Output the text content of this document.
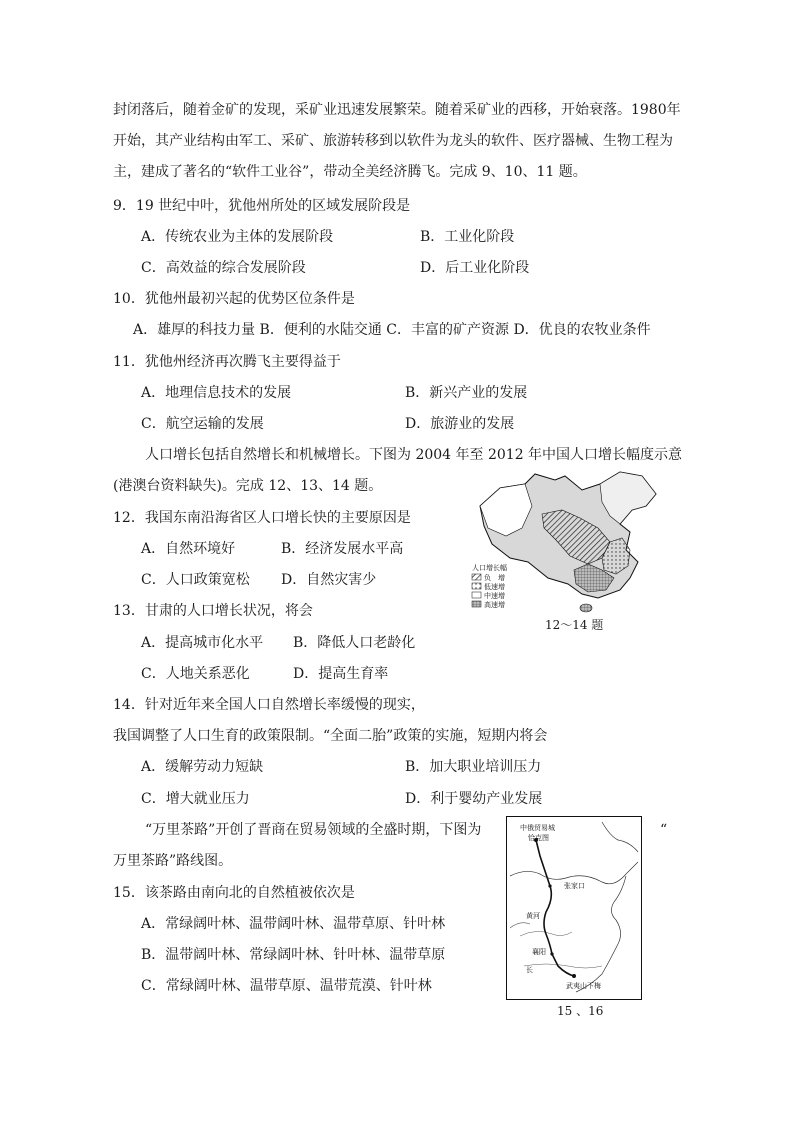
封闭落后，随着金矿的发现，采矿业迅速发展繁荣。随着采矿业的西移，开始衰落。1980年
开始，其产业结构由军工、采矿、旅游转移到以软件为龙头的软件、医疗器械、生物工程为
主，建成了著名的“软件工业谷”，带动全美经济腾飞。完成 9、10、11 题。
9．19 世纪中叶，犹他州所处的区域发展阶段是
A．传统农业为主体的发展阶段	B．工业化阶段
C．高效益的综合发展阶段	D．后工业化阶段
10．犹他州最初兴起的优势区位条件是
A．雄厚的科技力量 B．便利的水陆交通 C．丰富的矿产资源 D．优良的农牧业条件
11．犹他州经济再次腾飞主要得益于
A．地理信息技术的发展	B．新兴产业的发展
C．航空运输的发展	D．旅游业的发展
人口增长包括自然增长和机械增长。下图为 2004 年至 2012 年中国人口增长幅度示意
(港澳台资料缺失)。完成 12、13、14 题。
12．我国东南沿海省区人口增长快的主要原因是
A．自然环境好	B．经济发展水平高
C．人口政策宽松 D．自然灾害少
13．甘肃的人口增长状况，将会
A．提高城市化水平 B．降低人口老龄化
C．人地关系恶化	D．提高生育率
14．针对近年来全国人口自然增长率缓慢的现实，
我国调整了人口生育的政策限制。“全面二胎”政策的实施，短期内将会
A．缓解劳动力短缺	B．加大职业培训压力
C．增大就业压力	D．利于婴幼产业发展
“万里茶路”开创了晋商在贸易领域的全盛时期，下图为	“
万里茶路”路线图。
15．该茶路由南向北的自然植被依次是
A．常绿阔叶林、温带阔叶林、温带草原、针叶林
B．温带阔叶林、常绿阔叶林、针叶林、温带草原
C．常绿阔叶林、温带草原、温带荒漠、针叶林
人口增长幅
负　增
低速增
中速增
高速增
12～14 题
中俄贸易城
恰克图
张家口
黄河
襄阳
长
武夷山下梅
15 、16
